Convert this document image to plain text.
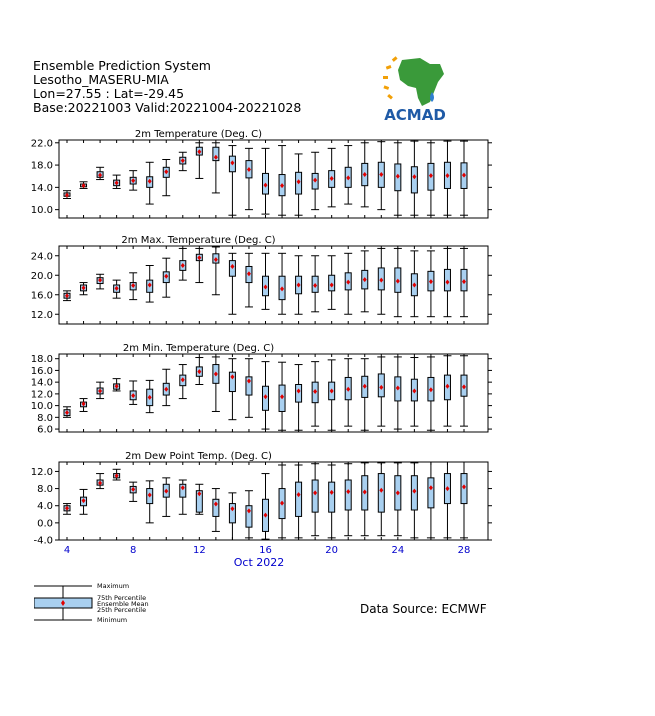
Ensemble Prediction System
Lesotho_MASERU-MIA
Lon=27.55 : Lat=-29.45
Base:20221003 Valid:20221004-20221028	ACMAD
2m Temperature (Deg. C)
10.0
14.0
18.0
22.0
2m Max. Temperature (Deg. C)
12.0
16.0
20.0
24.0
2m Min. Temperature (Deg. C)
6.0
8.0
10.0
12.0
14.0
16.0
18.0
2m Dew Point Temp. (Deg. C)
-4.0
0.0
4.0
8.0
12.0
4	8	12	16	20	24	28
Oct 2022
Maximum
75th Percentile
Ensemble Mean
25th Percentile
Minimum
Data Source: ECMWF
